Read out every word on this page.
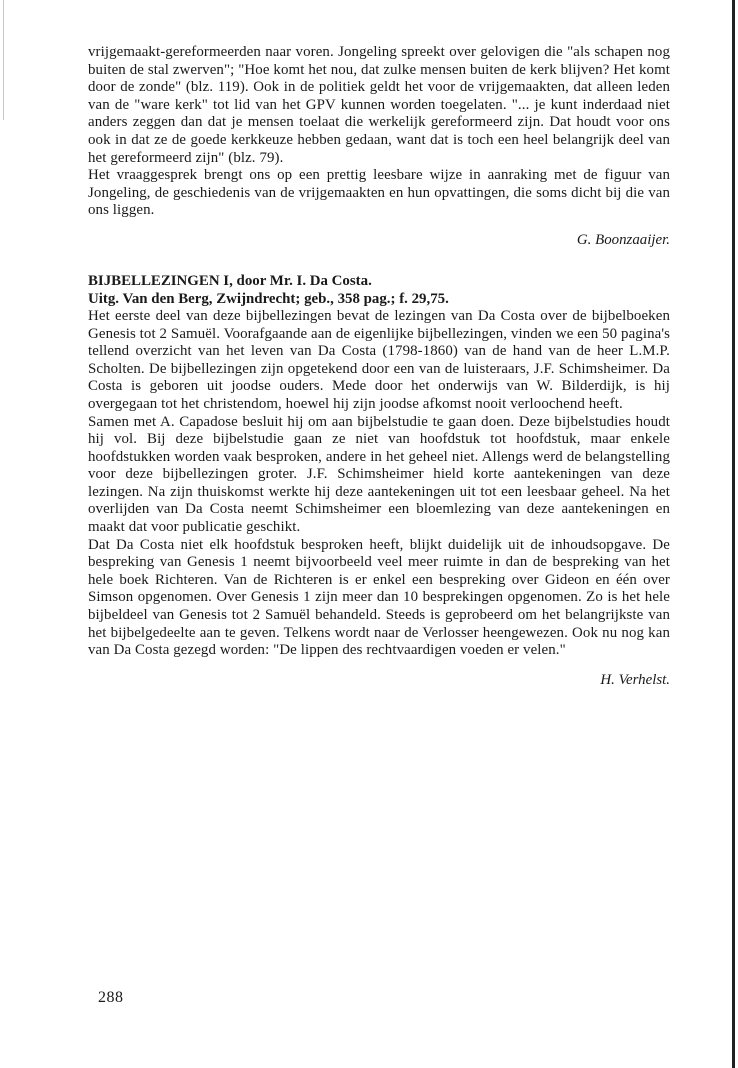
vrijgemaakt-gereformeerden naar voren. Jongeling spreekt over gelovigen die "als schapen nog buiten de stal zwerven"; "Hoe komt het nou, dat zulke mensen buiten de kerk blijven? Het komt door de zonde" (blz. 119). Ook in de politiek geldt het voor de vrijgemaakten, dat alleen leden van de "ware kerk" tot lid van het GPV kunnen worden toegelaten. "... je kunt inderdaad niet anders zeggen dan dat je mensen toelaat die werkelijk gereformeerd zijn. Dat houdt voor ons ook in dat ze de goede kerkkeuze hebben gedaan, want dat is toch een heel belangrijk deel van het gereformeerd zijn" (blz. 79).

Het vraaggesprek brengt ons op een prettig leesbare wijze in aanraking met de figuur van Jongeling, de geschiedenis van de vrijgemaakten en hun opvattingen, die soms dicht bij die van ons liggen.

G. Boonzaaijer.

BIJBELLEZINGEN I, door Mr. I. Da Costa.

Uitg. Van den Berg, Zwijndrecht; geb., 358 pag.; f. 29,75.

Het eerste deel van deze bijbellezingen bevat de lezingen van Da Costa over de bijbelboeken Genesis tot 2 Samuël. Voorafgaande aan de eigenlijke bijbellezingen, vinden we een 50 pagina's tellend overzicht van het leven van Da Costa (1798-1860) van de hand van de heer L.M.P. Scholten. De bijbellezingen zijn opgetekend door een van de luisteraars, J.F. Schimsheimer. Da Costa is geboren uit joodse ouders. Mede door het onderwijs van W. Bilderdijk, is hij overgegaan tot het christendom, hoewel hij zijn joodse afkomst nooit verloochend heeft.

Samen met A. Capadose besluit hij om aan bijbelstudie te gaan doen. Deze bijbelstudies houdt hij vol. Bij deze bijbelstudie gaan ze niet van hoofdstuk tot hoofdstuk, maar enkele hoofdstukken worden vaak besproken, andere in het geheel niet. Allengs werd de belangstelling voor deze bijbellezingen groter. J.F. Schimsheimer hield korte aantekeningen van deze lezingen. Na zijn thuiskomst werkte hij deze aantekeningen uit tot een leesbaar geheel. Na het overlijden van Da Costa neemt Schimsheimer een bloemlezing van deze aantekeningen en maakt dat voor publicatie geschikt.

Dat Da Costa niet elk hoofdstuk besproken heeft, blijkt duidelijk uit de inhoudsopgave. De bespreking van Genesis 1 neemt bijvoorbeeld veel meer ruimte in dan de bespreking van het hele boek Richteren. Van de Richteren is er enkel een bespreking over Gideon en één over Simson opgenomen. Over Genesis 1 zijn meer dan 10 besprekingen opgenomen. Zo is het hele bijbeldeel van Genesis tot 2 Samuël behandeld. Steeds is geprobeerd om het belangrijkste van het bijbelgedeelte aan te geven. Telkens wordt naar de Verlosser heengewezen. Ook nu nog kan van Da Costa gezegd worden: "De lippen des rechtvaardigen voeden er velen."

H. Verhelst.

288
